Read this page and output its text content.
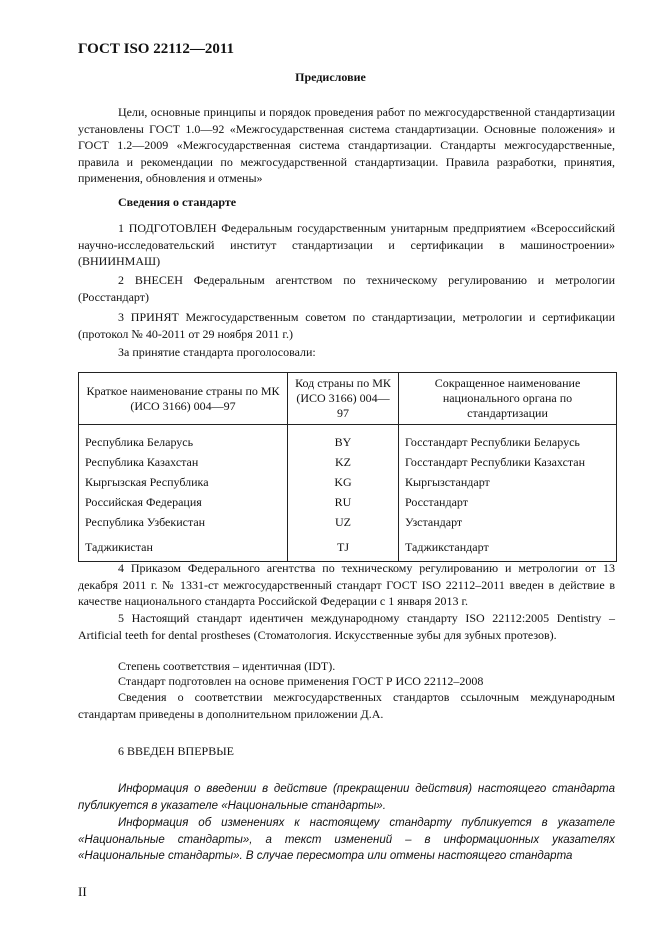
ГОСТ ISO 22112—2011
Предисловие
Цели, основные принципы и порядок проведения работ по межгосударственной стандартизации установлены ГОСТ 1.0—92 «Межгосударственная система стандартизации. Основные положения» и ГОСТ 1.2—2009 «Межгосударственная система стандартизации. Стандарты межгосударственные, правила и рекомендации по межгосударственной стандартизации. Правила разработки, принятия, применения, обновления и отмены»
Сведения о стандарте
1 ПОДГОТОВЛЕН Федеральным государственным унитарным предприятием «Всероссийский научно-исследовательский институт стандартизации и сертификации в машиностроении» (ВНИИНМАШ)
2 ВНЕСЕН Федеральным агентством по техническому регулированию и метрологии (Росстандарт)
3 ПРИНЯТ Межгосударственным советом по стандартизации, метрологии и сертификации (протокол № 40-2011 от 29 ноября 2011 г.)
За принятие стандарта проголосовали:
Краткое наименование страны по МК (ИСО 3166) 004—97	Код страны по МК (ИСО 3166) 004—97	Сокращенное наименование национального органа по стандартизации
Республика Беларусь	BY	Госстандарт Республики Беларусь
Республика Казахстан	KZ	Госстандарт Республики Казахстан
Кыргызская Республика	KG	Кыргызстандарт
Российская Федерация	RU	Росстандарт
Республика Узбекистан	UZ	Узстандарт
Таджикистан	TJ	Таджикстандарт
4 Приказом Федерального агентства по техническому регулированию и метрологии от 13 декабря 2011 г. № 1331-ст межгосударственный стандарт ГОСТ ISO 22112–2011 введен в действие в качестве национального стандарта Российской Федерации с 1 января 2013 г.
5 Настоящий стандарт идентичен международному стандарту ISO 22112:2005 Dentistry – Artificial teeth for dental prostheses (Стоматология. Искусственные зубы для зубных протезов).
Степень соответствия – идентичная (IDT).
Стандарт подготовлен на основе применения ГОСТ Р ИСО 22112–2008
Сведения о соответствии межгосударственных стандартов ссылочным международным стандартам приведены в дополнительном приложении Д.А.
6 ВВЕДЕН ВПЕРВЫЕ
Информация о введении в действие (прекращении действия) настоящего стандарта публикуется в указателе «Национальные стандарты».
Информация об изменениях к настоящему стандарту публикуется в указателе «Национальные стандарты», а текст изменений – в информационных указателях «Национальные стандарты». В случае пересмотра или отмены настоящего стандарта
II
